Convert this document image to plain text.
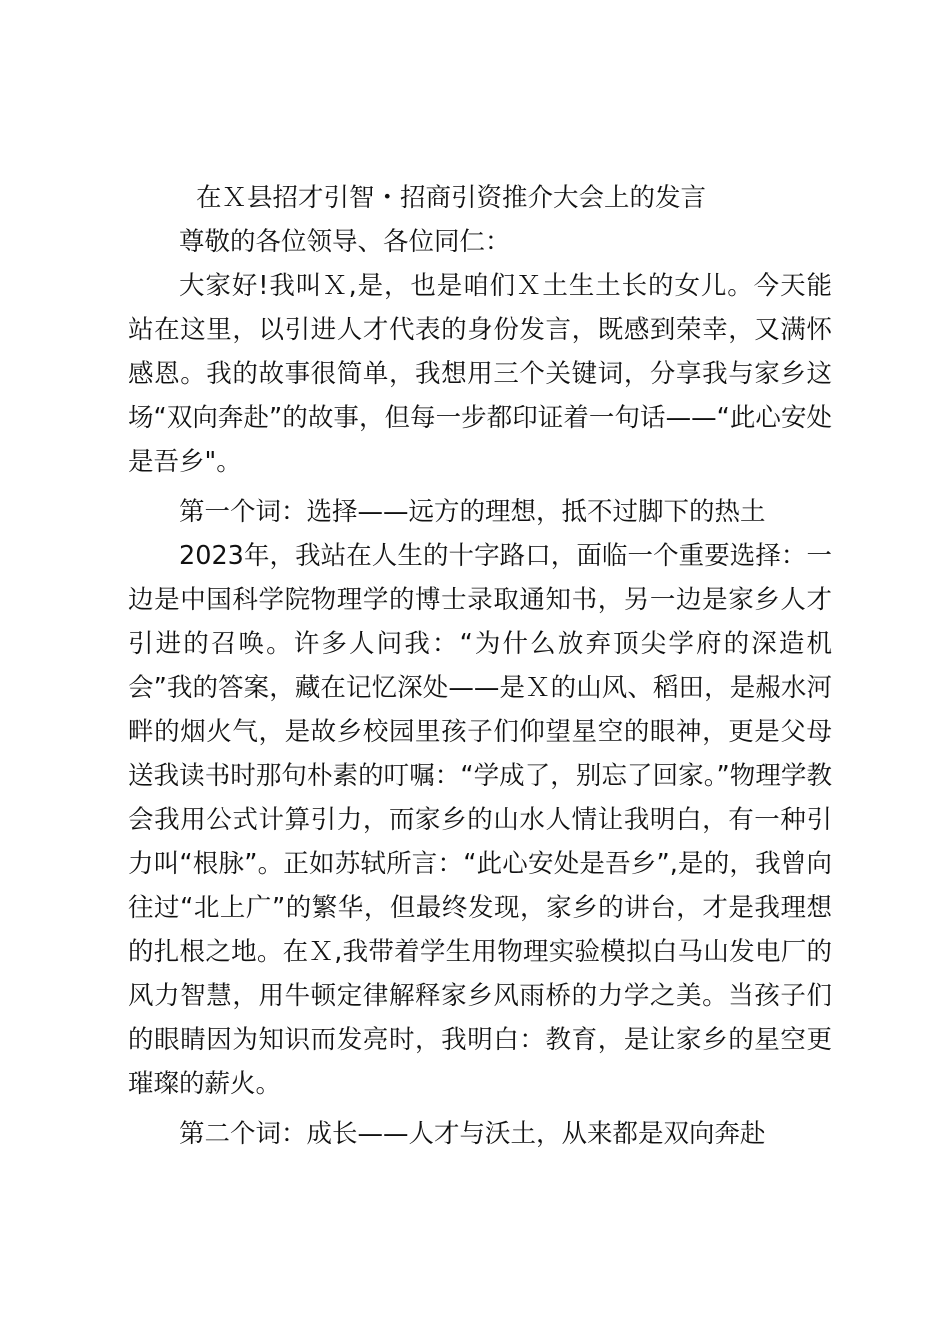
在Ｘ县招才引智・招商引资推介大会上的发言

尊敬的各位领导、各位同仁：

大家好!我叫Ｘ,是，也是咱们Ｘ土生土长的女儿。今天能站在这里，以引进人才代表的身份发言，既感到荣幸，又满怀感恩。我的故事很简单，我想用三个关键词，分享我与家乡这场“双向奔赴”的故事，但每一步都印证着一句话——“此心安处是吾乡"。

第一个词：选择——远方的理想，抵不过脚下的热土

2023年，我站在人生的十字路口，面临一个重要选择：一边是中国科学院物理学的博士录取通知书，另一边是家乡人才引进的召唤。许多人问我：“为什么放弃顶尖学府的深造机会”我的答案，藏在记忆深处——是Ｘ的山风、稻田，是赧水河畔的烟火气，是故乡校园里孩子们仰望星空的眼神，更是父母送我读书时那句朴素的叮嘱：“学成了，别忘了回家。”物理学教会我用公式计算引力，而家乡的山水人情让我明白，有一种引力叫“根脉”。正如苏轼所言：“此心安处是吾乡”,是的，我曾向往过“北上广”的繁华，但最终发现，家乡的讲台，才是我理想的扎根之地。在Ｘ,我带着学生用物理实验模拟白马山发电厂的风力智慧，用牛顿定律解释家乡风雨桥的力学之美。当孩子们的眼睛因为知识而发亮时，我明白：教育，是让家乡的星空更璀璨的薪火。

第二个词：成长——人才与沃土，从来都是双向奔赴
